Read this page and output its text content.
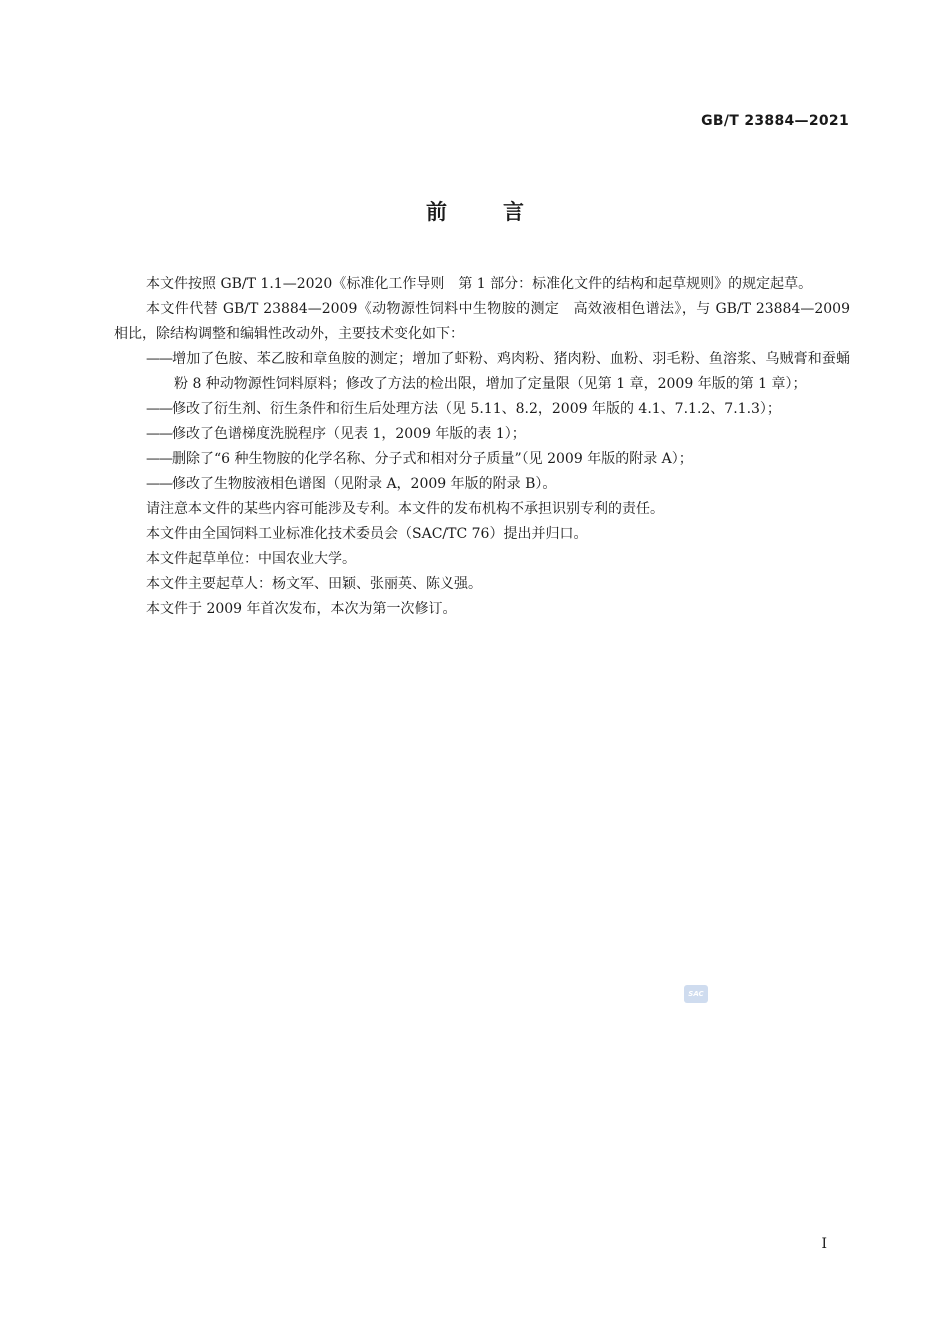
GB/T 23884—2021
前言

本文件按照 GB/T 1.1—2020《标准化工作导则　第 1 部分：标准化文件的结构和起草规则》的规定起草。

本文件代替 GB/T 23884—2009《动物源性饲料中生物胺的测定　高效液相色谱法》，与 GB/T 23884—2009 相比，除结构调整和编辑性改动外，主要技术变化如下：

——增加了色胺、苯乙胺和章鱼胺的测定；增加了虾粉、鸡肉粉、猪肉粉、血粉、羽毛粉、鱼溶浆、乌贼膏和蚕蛹粉 8 种动物源性饲料原料；修改了方法的检出限，增加了定量限（见第 1 章，2009 年版的第 1 章）；

——修改了衍生剂、衍生条件和衍生后处理方法（见 5.11、8.2，2009 年版的 4.1、7.1.2、7.1.3）；

——修改了色谱梯度洗脱程序（见表 1，2009 年版的表 1）；

——删除了“6 种生物胺的化学名称、分子式和相对分子质量”（见 2009 年版的附录 A）；

——修改了生物胺液相色谱图（见附录 A，2009 年版的附录 B）。

请注意本文件的某些内容可能涉及专利。本文件的发布机构不承担识别专利的责任。

本文件由全国饲料工业标准化技术委员会（SAC/TC 76）提出并归口。

本文件起草单位：中国农业大学。

本文件主要起草人：杨文军、田颖、张丽英、陈义强。

本文件于 2009 年首次发布，本次为第一次修订。

SAC
I
